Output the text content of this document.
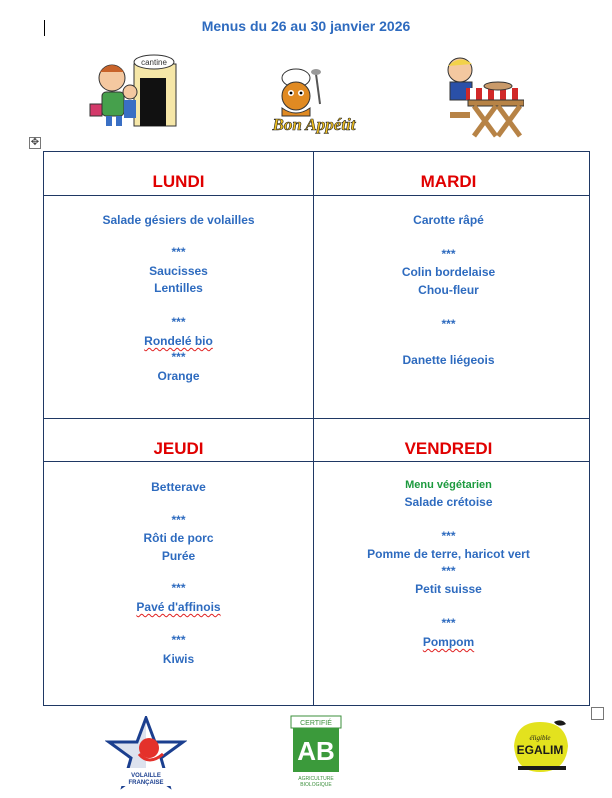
Menus du 26 au 30 janvier 2026
cantine
Bon Appétit
✥
LUNDI	MARDI
JEUDI	VENDREDI
Salade gésiers de volailles
***
Saucisses
Lentilles
***
Rondelé bio
***
Orange
Carotte râpé
***
Colin bordelaise
Chou-fleur
***
Danette liégeois
Betterave
***
Rôti de porc
Purée
***
Pavé d'affinois
***
Kiwis
Menu végétarien
Salade crétoise
***
Pomme de terre, haricot vert
***
Petit suisse
***
Pompom
VOLAILLE
FRANÇAISE
CERTIFIÉ
AB
AGRICULTURE
BIOLOGIQUE
éligible
EGALIM
